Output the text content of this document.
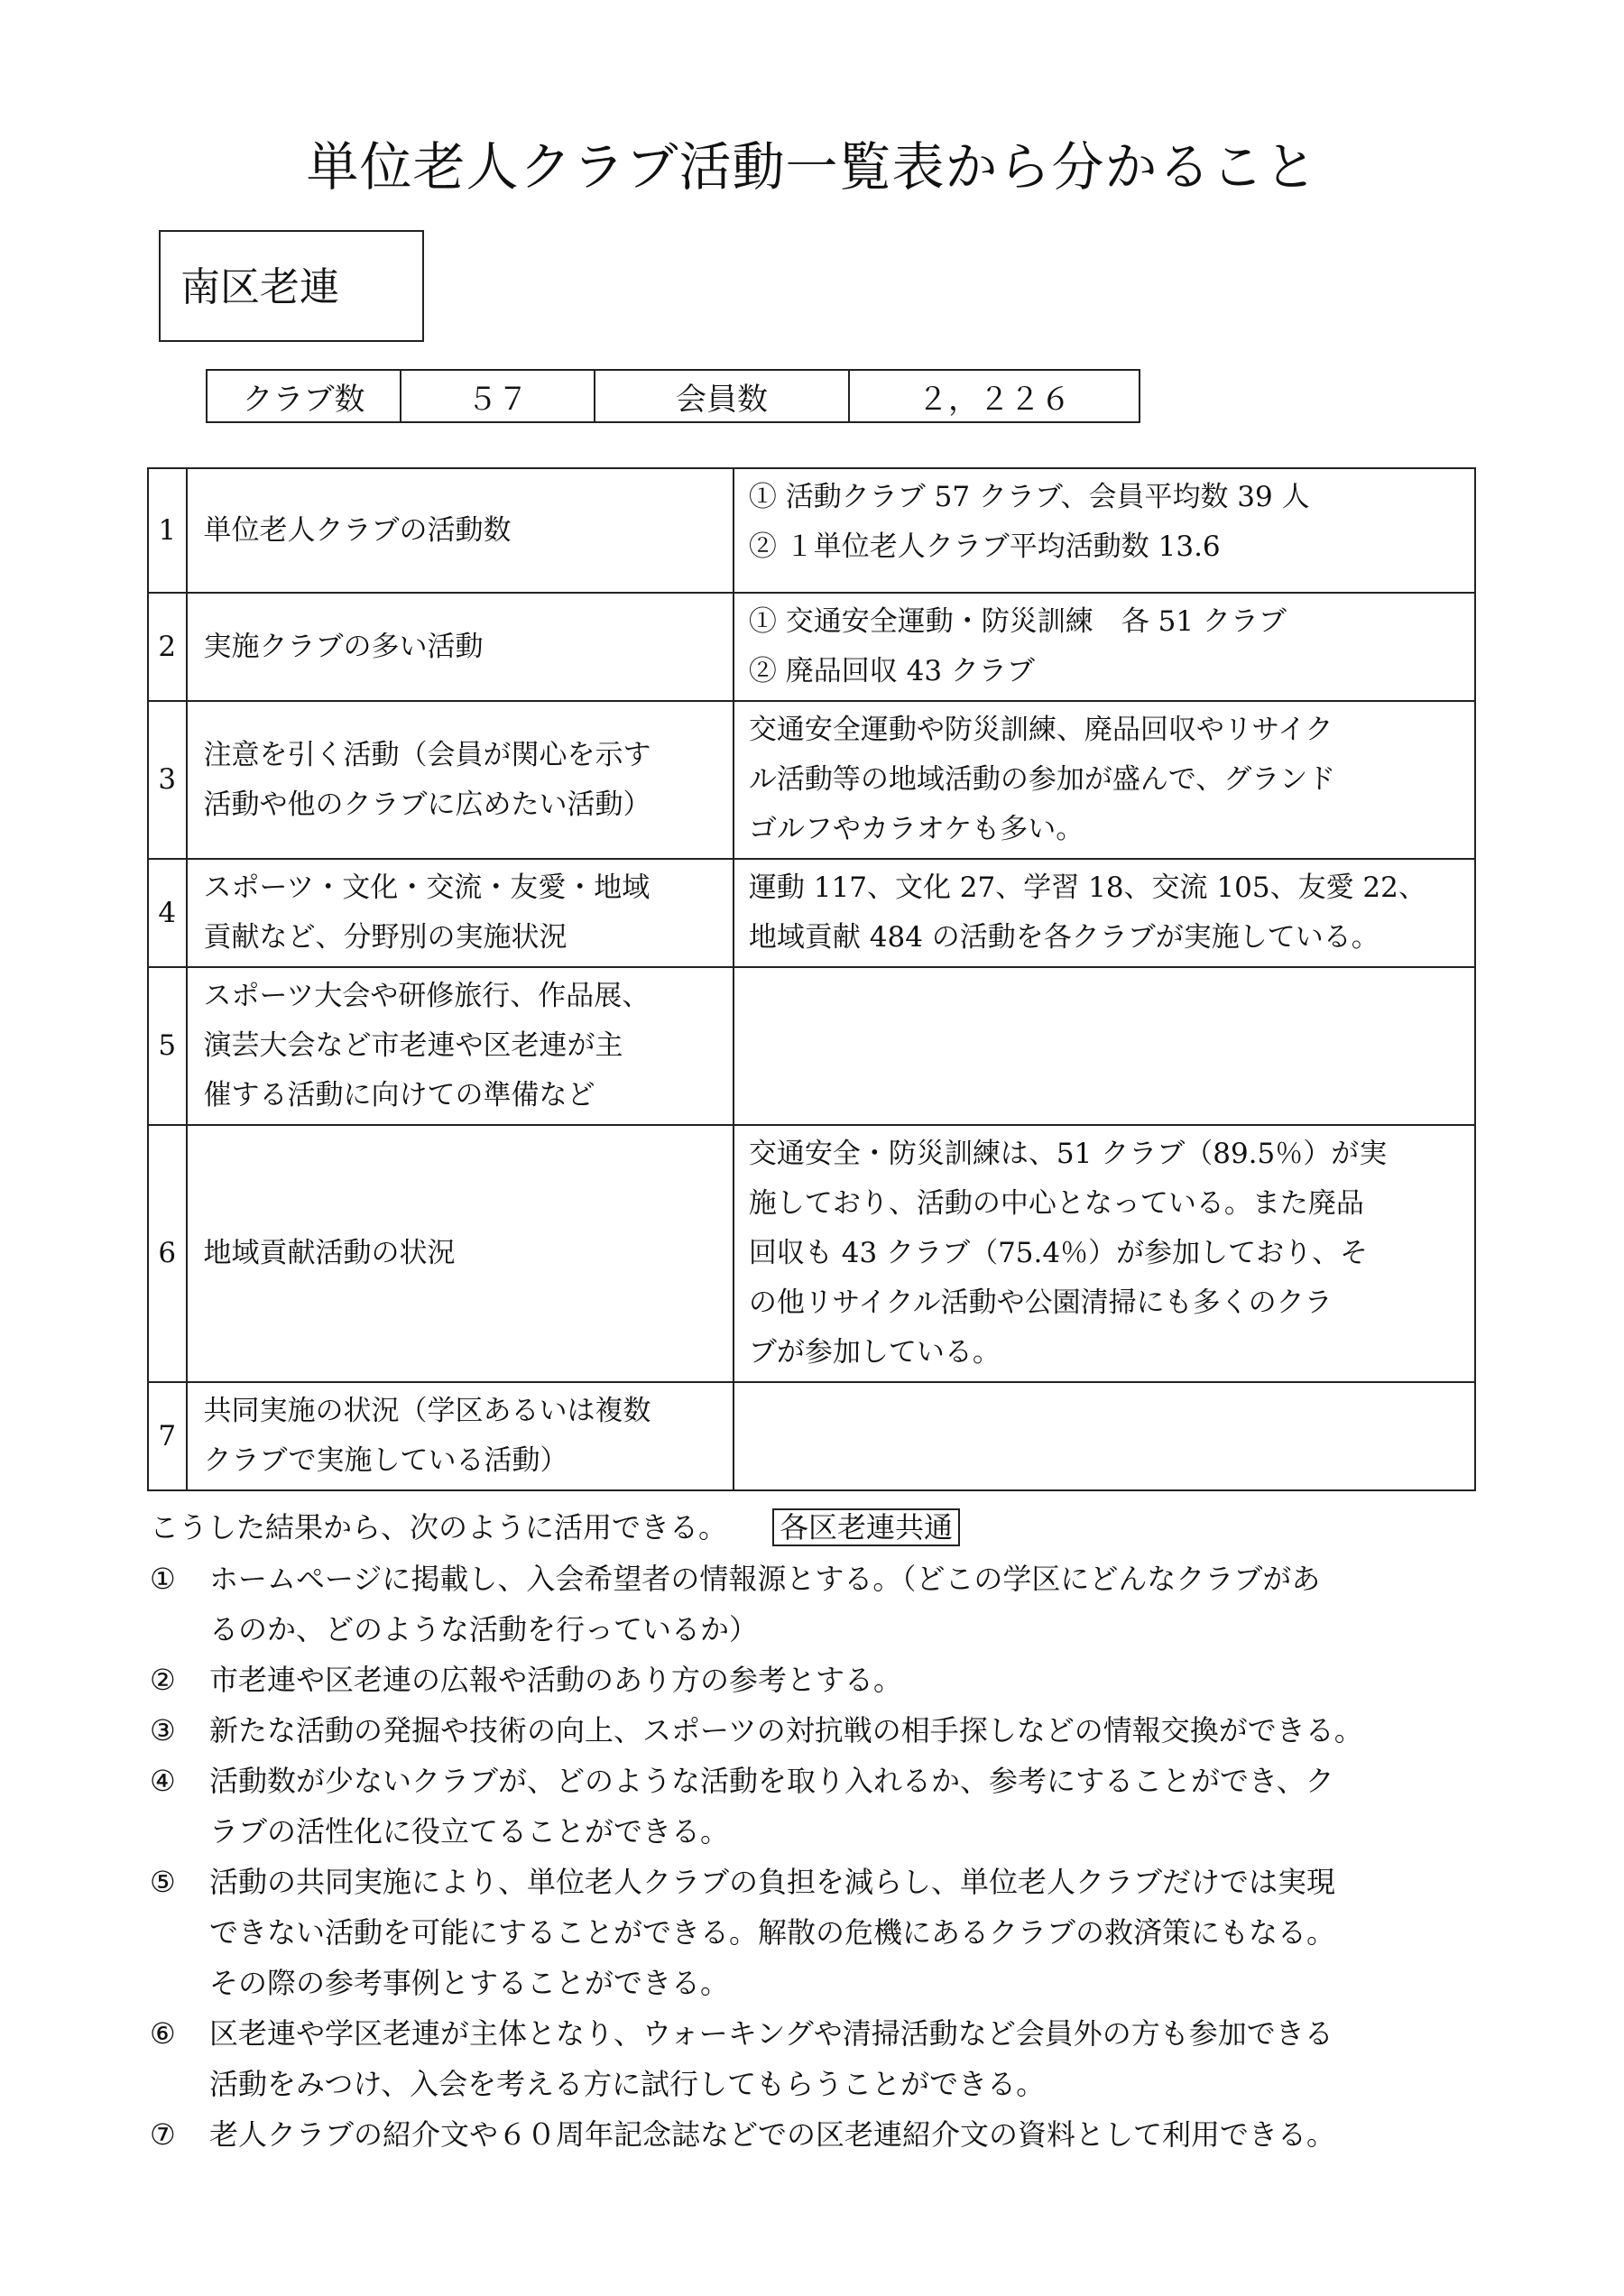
単位老人クラブ活動一覧表から分かること
南区老連
クラブ数	５７	会員数	２，２２６
1	単位老人クラブの活動数	① 活動クラブ 57 クラブ、会員平均数 39 人
② １単位老人クラブ平均活動数 13.6

2	実施クラブの多い活動	① 交通安全運動・防災訓練　各 51 クラブ
② 廃品回収 43 クラブ

3	注意を引く活動（会員が関心を示す
活動や他のクラブに広めたい活動）	交通安全運動や防災訓練、廃品回収やリサイク
ル活動等の地域活動の参加が盛んで、グランド
ゴルフやカラオケも多い。

4	スポーツ・文化・交流・友愛・地域
貢献など、分野別の実施状況	運動 117、文化 27、学習 18、交流 105、友愛 22、
地域貢献 484 の活動を各クラブが実施している。

5	スポーツ大会や研修旅行、作品展、
演芸大会など市老連や区老連が主
催する活動に向けての準備など	

6	地域貢献活動の状況	交通安全・防災訓練は、51 クラブ（89.5％）が実
施しており、活動の中心となっている。また廃品
回収も 43 クラブ（75.4％）が参加しており、そ
の他リサイクル活動や公園清掃にも多くのクラ
ブが参加している。

7	共同実施の状況（学区あるいは複数
クラブで実施している活動）	

こうした結果から、次のように活用できる。 各区老連共通
①	ホームページに掲載し、入会希望者の情報源とする。（どこの学区にどんなクラブがあ
るのか、どのような活動を行っているか）
②	市老連や区老連の広報や活動のあり方の参考とする。
③	新たな活動の発掘や技術の向上、スポーツの対抗戦の相手探しなどの情報交換ができる。
④	活動数が少ないクラブが、どのような活動を取り入れるか、参考にすることができ、ク
ラブの活性化に役立てることができる。
⑤	活動の共同実施により、単位老人クラブの負担を減らし、単位老人クラブだけでは実現
できない活動を可能にすることができる。解散の危機にあるクラブの救済策にもなる。
その際の参考事例とすることができる。
⑥	区老連や学区老連が主体となり、ウォーキングや清掃活動など会員外の方も参加できる
活動をみつけ、入会を考える方に試行してもらうことができる。
⑦	老人クラブの紹介文や６０周年記念誌などでの区老連紹介文の資料として利用できる。
